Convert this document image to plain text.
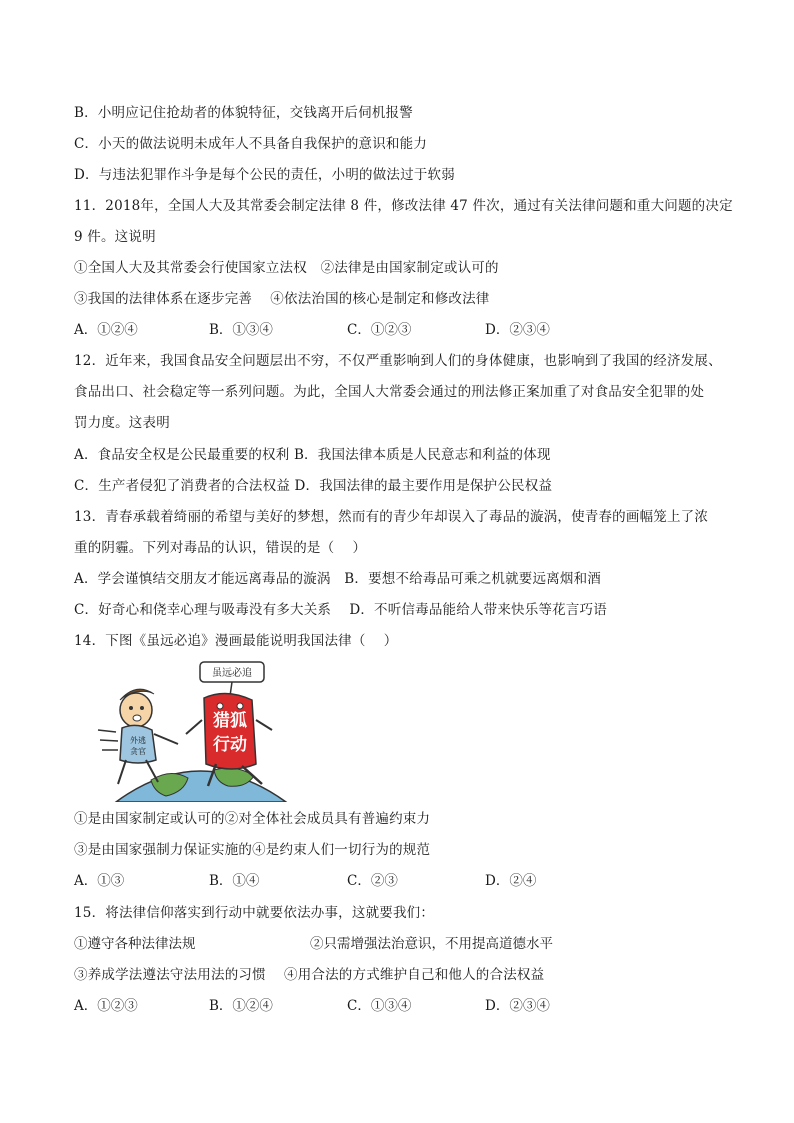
B．小明应记住抢劫者的体貌特征，交钱离开后伺机报警
C．小天的做法说明未成年人不具备自我保护的意识和能力
D．与违法犯罪作斗争是每个公民的责任，小明的做法过于软弱
11．2018年，全国人大及其常委会制定法律 8 件，修改法律 47 件次，通过有关法律问题和重大问题的决定
9 件。这说明
①全国人大及其常委会行使国家立法权　②法律是由国家制定或认可的
③我国的法律体系在逐步完善　 ④依法治国的核心是制定和修改法律
A．①②④	B．①③④	C．①②③	D．②③④
12．近年来，我国食品安全问题层出不穷，不仅严重影响到人们的身体健康，也影响到了我国的经济发展、
食品出口、社会稳定等一系列问题。为此，全国人大常委会通过的刑法修正案加重了对食品安全犯罪的处
罚力度。这表明
A．食品安全权是公民最重要的权利 B．我国法律本质是人民意志和利益的体现
C．生产者侵犯了消费者的合法权益 D．我国法律的最主要作用是保护公民权益
13．青春承载着绮丽的希望与美好的梦想，然而有的青少年却误入了毒品的漩涡，使青春的画幅笼上了浓
重的阴霾。下列对毒品的认识，错误的是（　 ）
A．学会谨慎结交朋友才能远离毒品的漩涡　B．要想不给毒品可乘之机就要远离烟和酒
C．好奇心和侥幸心理与吸毒没有多大关系　 D．不听信毒品能给人带来快乐等花言巧语
14．下图《虽远必追》漫画最能说明我国法律（　 ）
外逃
贪官
虽远必追
猎狐
行动
①是由国家制定或认可的②对全体社会成员具有普遍约束力
③是由国家强制力保证实施的④是约束人们一切行为的规范
A．①③	B．①④	C．②③	D．②④
15．将法律信仰落实到行动中就要依法办事，这就要我们：
①遵守各种法律法规	②只需增强法治意识，不用提高道德水平
③养成学法遵法守法用法的习惯　 ④用合法的方式维护自己和他人的合法权益
A．①②③	B．①②④	C．①③④	D．②③④
